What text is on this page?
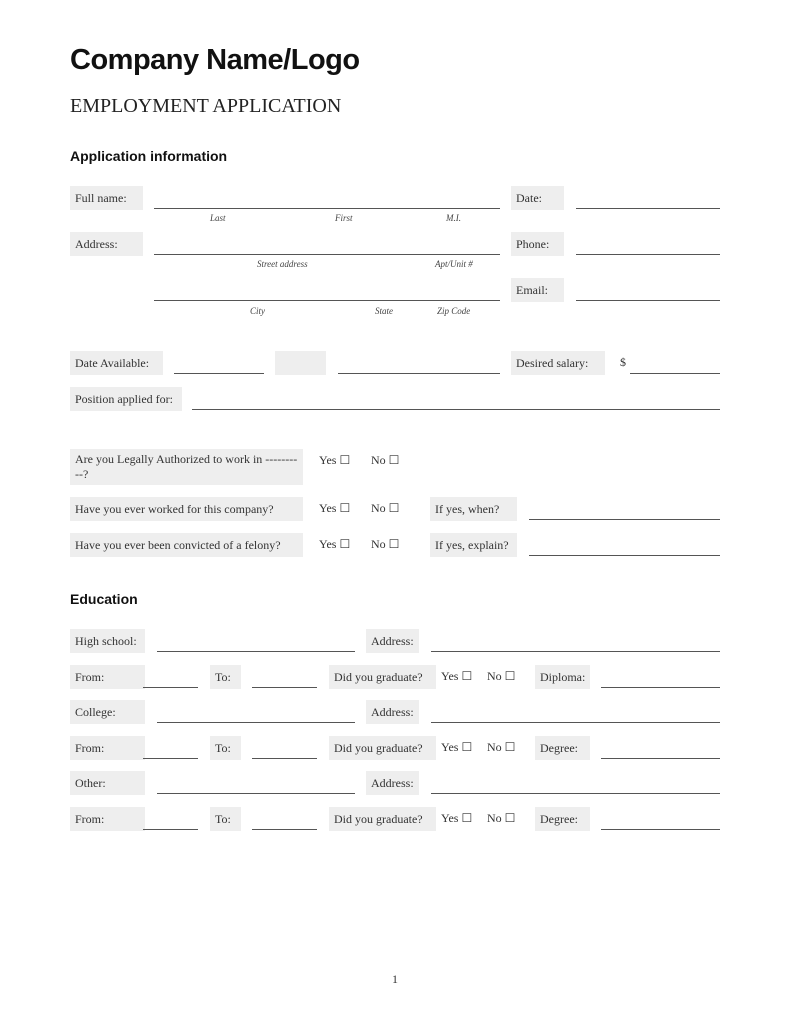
Company Name/Logo
EMPLOYMENT APPLICATION
Application information
Full name:
Last	First	M.I.
Date:
Address:
Street address	Apt/Unit #
Phone:
City	State	Zip Code
Email:
Date Available:	Desired salary:	$
Position applied for:
Are you Legally Authorized to work in ----------?
Yes ☐ No ☐
Have you ever worked for this company?	Yes ☐ No ☐	If yes, when?
Have you ever been convicted of a felony?	Yes ☐ No ☐	If yes, explain?
Education
High school:	Address:
From:	To:	Did you graduate?	Yes ☐ No ☐	Diploma:
College:	Address:
From:	To:	Did you graduate?	Yes ☐ No ☐	Degree:
Other:	Address:
From:	To:	Did you graduate?	Yes ☐ No ☐	Degree:
1
